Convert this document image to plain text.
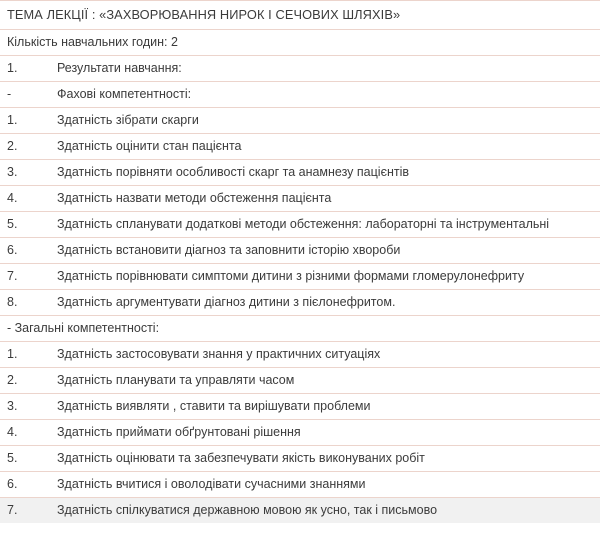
ТЕМА ЛЕКЦІЇ : «ЗАХВОРЮВАННЯ НИРОК І СЕЧОВИХ ШЛЯХІВ»
Кількість навчальних годин: 2
1.	Результати навчання:
-	Фахові компетентності:
1.	Здатність зібрати скарги
2.	Здатність оцінити стан пацієнта
3.	Здатність порівняти особливості скарг та анамнезу пацієнтів
4.	Здатність назвати методи обстеження пацієнта
5.	Здатність спланувати додаткові методи обстеження: лабораторні та інструментальні
6.	Здатність встановити діагноз та заповнити історію хвороби
7.	Здатність порівнювати симптоми дитини з різними формами гломерулонефриту
8.	Здатність аргументувати діагноз дитини з пієлонефритом.
- Загальні компетентності:
1.	Здатність застосовувати знання у практичних ситуаціях
2.	Здатність планувати та управляти часом
3.	Здатність виявляти , ставити та вирішувати проблеми
4.	Здатність приймати обґрунтовані рішення
5.	Здатність оцінювати та забезпечувати якість виконуваних робіт
6.	Здатність вчитися і оволодівати сучасними знаннями
7.	Здатність спілкуватися державною мовою як усно, так і письмово
